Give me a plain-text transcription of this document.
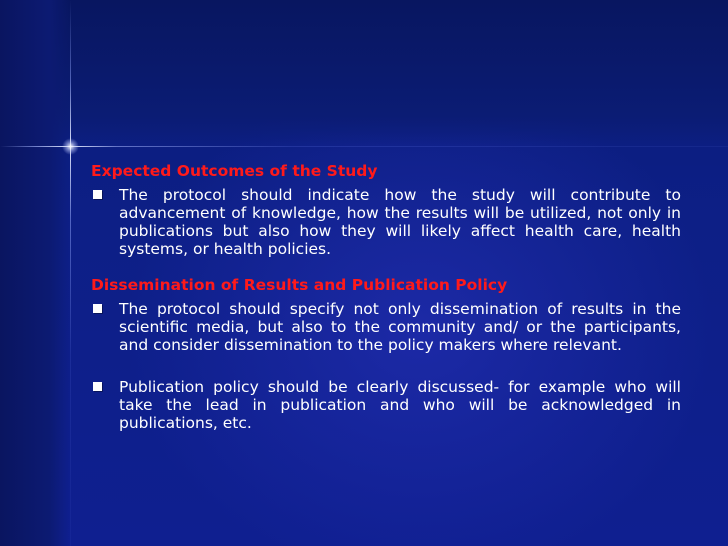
Expected Outcomes of the Study
The protocol should indicate how the study will contribute to advancement of knowledge, how the results will be utilized, not only in publications but also how they will likely affect health care, health systems, or health policies.
Dissemination of Results and Publication Policy
The protocol should specify not only dissemination of results in the scientific media, but also to the community and/ or the participants, and consider dissemination to the policy makers where relevant.
Publication policy should be clearly discussed- for example who will take the lead in publication and who will be acknowledged in publications, etc.
